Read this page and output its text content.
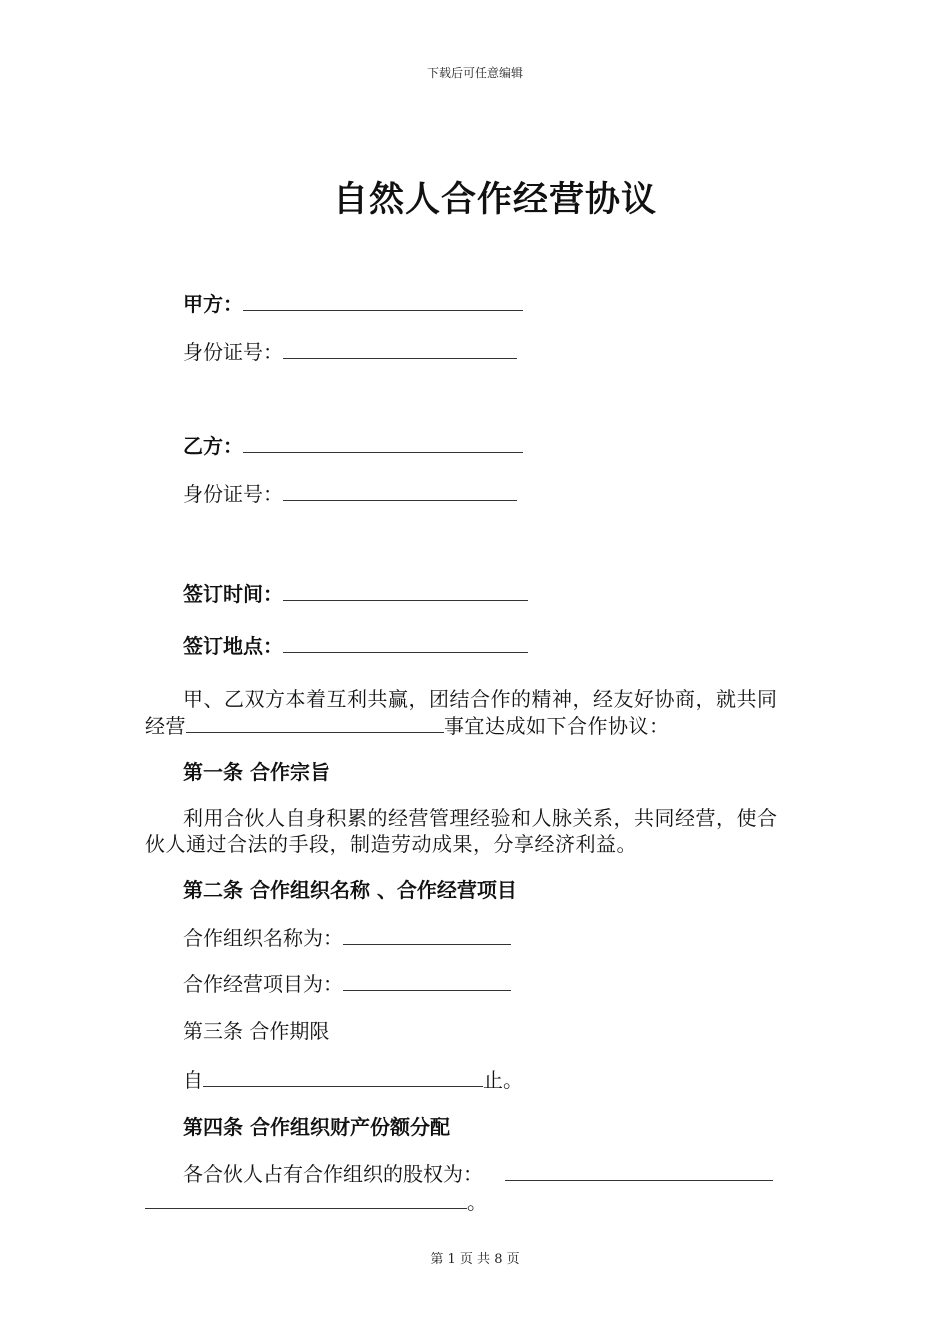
下载后可任意编辑
自然人合作经营协议
甲方：
身份证号：
乙方：
身份证号：
签订时间：
签订地点：
甲、乙双方本着互利共赢，团结合作的精神，经友好协商，就共同经营	事宜达成如下合作协议：
第一条 合作宗旨
利用合伙人自身积累的经营管理经验和人脉关系，共同经营，使合伙人通过合法的手段，制造劳动成果，分享经济利益。
第二条 合作组织名称 、合作经营项目
合作组织名称为：
合作经营项目为：
第三条 合作期限
自	止。
第四条 合作组织财产份额分配
各合伙人占有合作组织的股权为：
。
第 1 页 共 8 页
